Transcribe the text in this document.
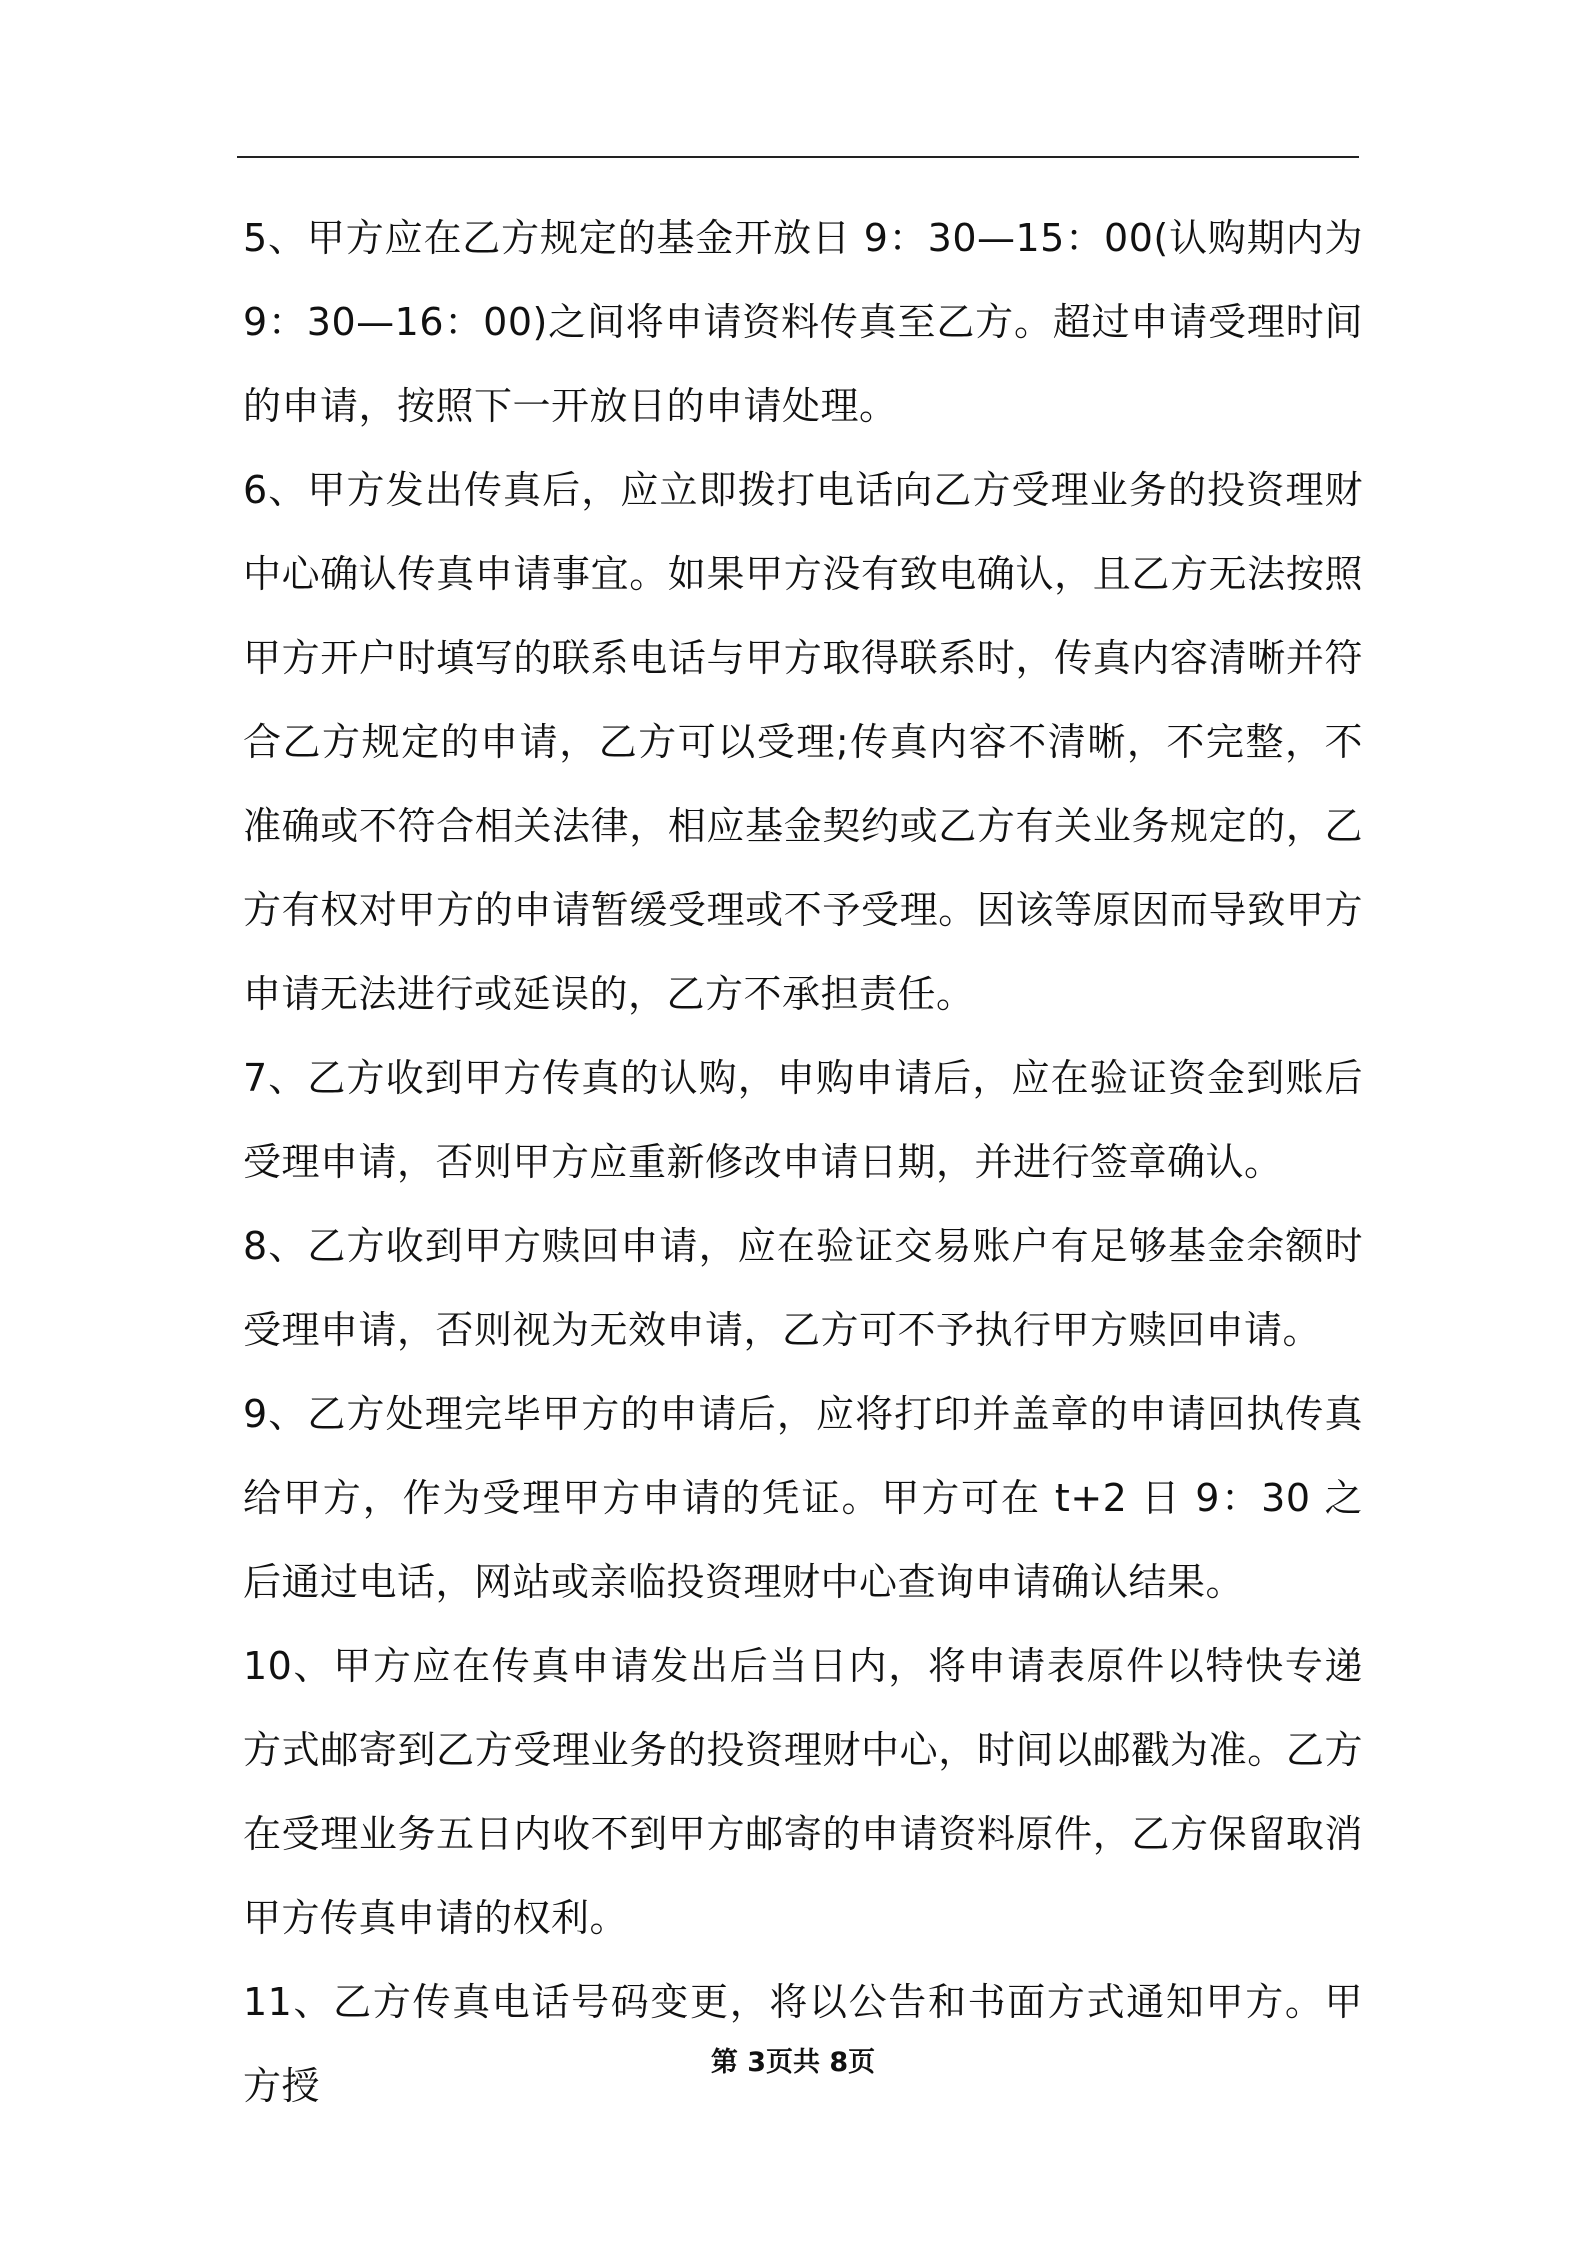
5、甲方应在乙方规定的基金开放日 9：30—15：00(认购期内为 9：30—16：00)之间将申请资料传真至乙方。超过申请受理时间的申请，按照下一开放日的申请处理。

6、甲方发出传真后，应立即拨打电话向乙方受理业务的投资理财中心确认传真申请事宜。如果甲方没有致电确认，且乙方无法按照甲方开户时填写的联系电话与甲方取得联系时，传真内容清晰并符合乙方规定的申请，乙方可以受理;传真内容不清晰，不完整，不准确或不符合相关法律，相应基金契约或乙方有关业务规定的，乙方有权对甲方的申请暂缓受理或不予受理。因该等原因而导致甲方申请无法进行或延误的，乙方不承担责任。

7、乙方收到甲方传真的认购，申购申请后，应在验证资金到账后受理申请，否则甲方应重新修改申请日期，并进行签章确认。

8、乙方收到甲方赎回申请，应在验证交易账户有足够基金余额时受理申请，否则视为无效申请，乙方可不予执行甲方赎回申请。

9、乙方处理完毕甲方的申请后，应将打印并盖章的申请回执传真给甲方，作为受理甲方申请的凭证。甲方可在 t+2 日 9：30 之后通过电话，网站或亲临投资理财中心查询申请确认结果。

10、甲方应在传真申请发出后当日内，将申请表原件以特快专递方式邮寄到乙方受理业务的投资理财中心，时间以邮戳为准。乙方在受理业务五日内收不到甲方邮寄的申请资料原件，乙方保留取消甲方传真申请的权利。

11、乙方传真电话号码变更，将以公告和书面方式通知甲方。甲方授

第 3页共 8页
